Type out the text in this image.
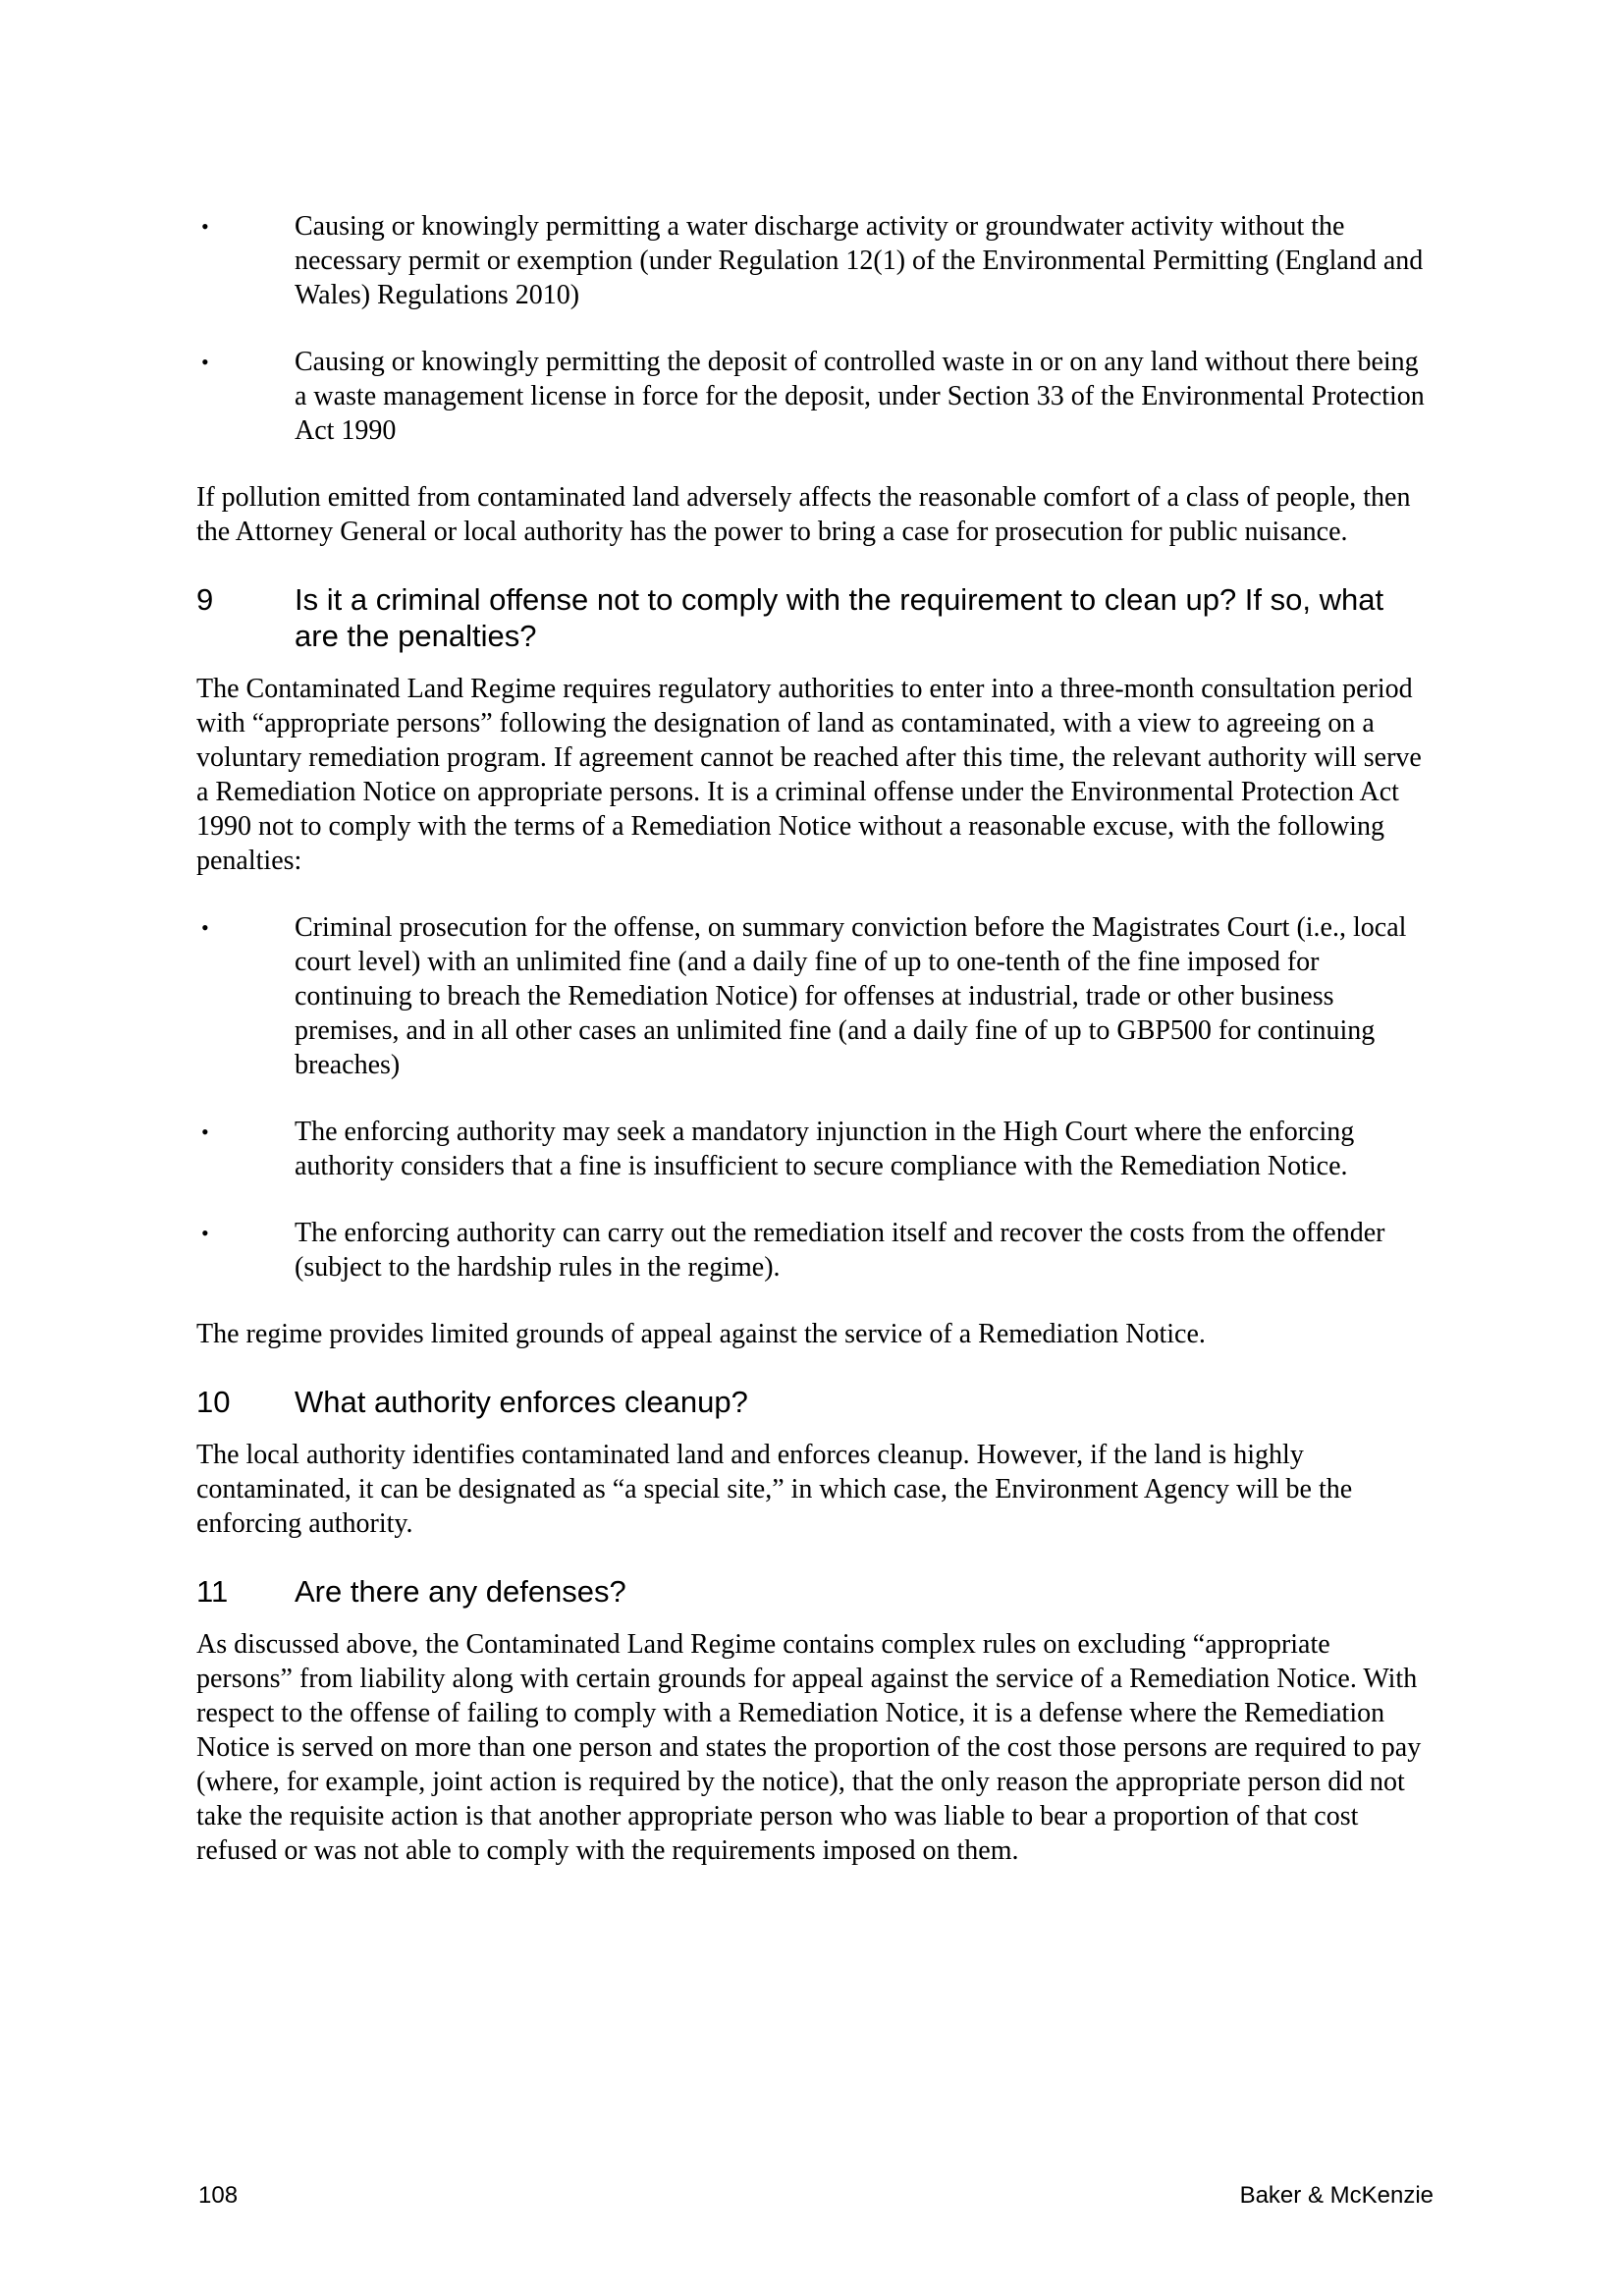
•	Causing or knowingly permitting a water discharge activity or groundwater activity without the necessary permit or exemption (under Regulation 12(1) of the Environmental Permitting (England and Wales) Regulations 2010)
•	Causing or knowingly permitting the deposit of controlled waste in or on any land without there being a waste management license in force for the deposit, under Section 33 of the Environmental Protection Act 1990

If pollution emitted from contaminated land adversely affects the reasonable comfort of a class of people, then the Attorney General or local authority has the power to bring a case for prosecution for public nuisance.

9	Is it a criminal offense not to comply with the requirement to clean up? If so, what are the penalties?

The Contaminated Land Regime requires regulatory authorities to enter into a three-month consultation period with “appropriate persons” following the designation of land as contaminated, with a view to agreeing on a voluntary remediation program. If agreement cannot be reached after this time, the relevant authority will serve a Remediation Notice on appropriate persons. It is a criminal offense under the Environmental Protection Act 1990 not to comply with the terms of a Remediation Notice without a reasonable excuse, with the following penalties:

•	Criminal prosecution for the offense, on summary conviction before the Magistrates Court (i.e., local court level) with an unlimited fine (and a daily fine of up to one-tenth of the fine imposed for continuing to breach the Remediation Notice) for offenses at industrial, trade or other business premises, and in all other cases an unlimited fine (and a daily fine of up to GBP500 for continuing breaches)
•	The enforcing authority may seek a mandatory injunction in the High Court where the enforcing authority considers that a fine is insufficient to secure compliance with the Remediation Notice.
•	The enforcing authority can carry out the remediation itself and recover the costs from the offender (subject to the hardship rules in the regime).

The regime provides limited grounds of appeal against the service of a Remediation Notice.

10 What authority enforces cleanup?

The local authority identifies contaminated land and enforces cleanup. However, if the land is highly contaminated, it can be designated as “a special site,” in which case, the Environment Agency will be the enforcing authority.

11 Are there any defenses?

As discussed above, the Contaminated Land Regime contains complex rules on excluding “appropriate persons” from liability along with certain grounds for appeal against the service of a Remediation Notice. With respect to the offense of failing to comply with a Remediation Notice, it is a defense where the Remediation Notice is served on more than one person and states the proportion of the cost those persons are required to pay (where, for example, joint action is required by the notice), that the only reason the appropriate person did not take the requisite action is that another appropriate person who was liable to bear a proportion of that cost refused or was not able to comply with the requirements imposed on them.

108	Baker & McKenzie
